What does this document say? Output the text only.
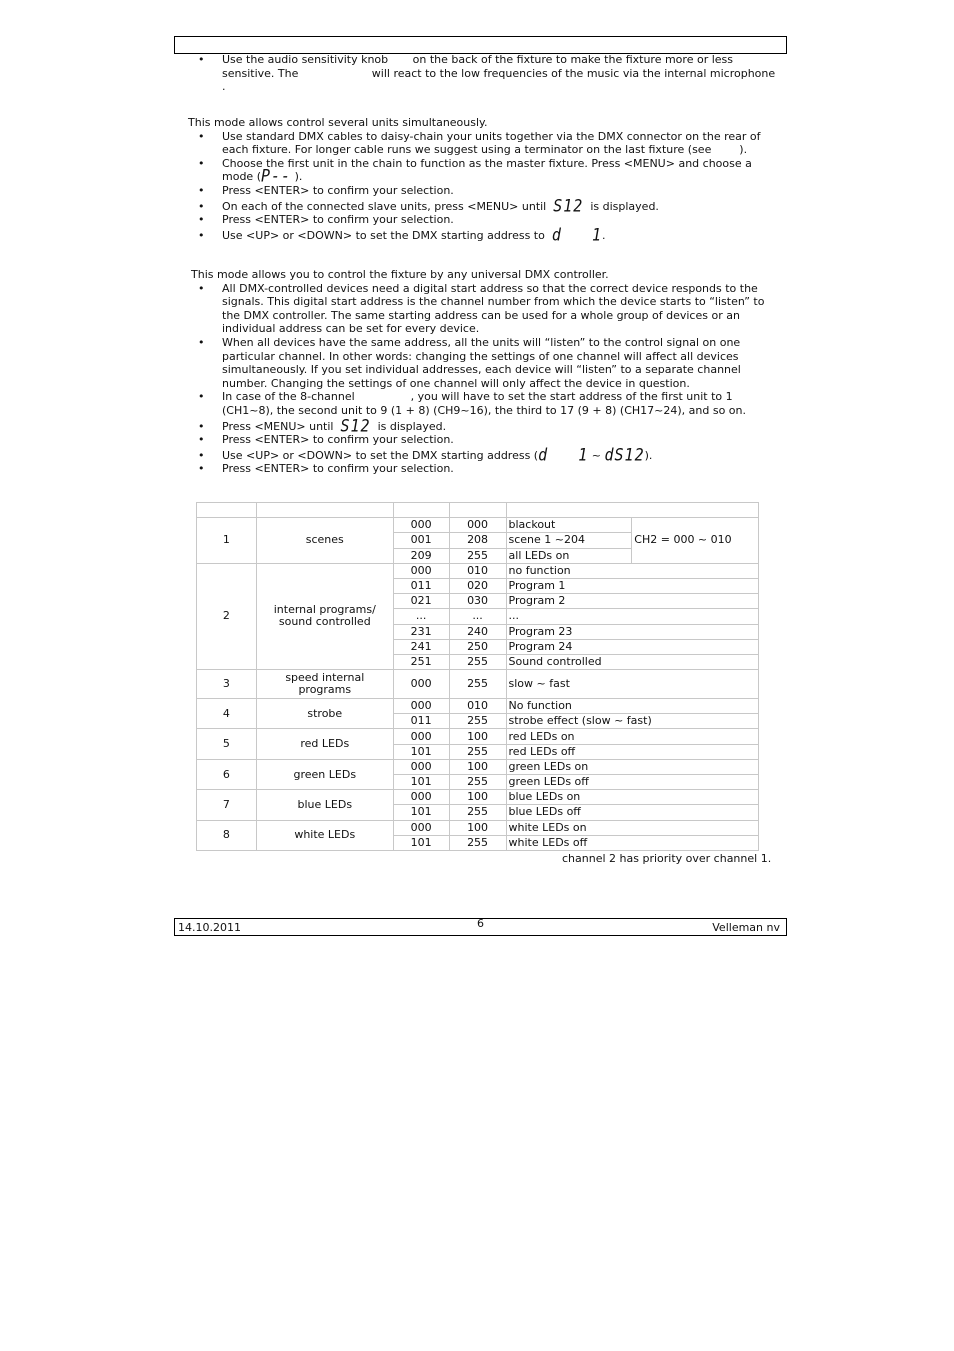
• Use the audio sensitivity knob       on the back of the fixture to make the fixture more or less sensitive. The                     will react to the low frequencies of the music via the internal microphone      .

This mode allows control several units simultaneously.

• Use standard DMX cables to daisy-chain your units together via the DMX connector on the rear of each fixture. For longer cable runs we suggest using a terminator on the last fixture (see        ).
• Choose the first unit in the chain to function as the master fixture. Press <MENU> and choose a mode (P-- ).
• Press <ENTER> to confirm your selection.
• On each of the connected slave units, press <MENU> until S12 is displayed.
• Press <ENTER> to confirm your selection.
• Use <UP> or <DOWN> to set the DMX starting address to d   1.

This mode allows you to control the fixture by any universal DMX controller.

• All DMX-controlled devices need a digital start address so that the correct device responds to the signals. This digital start address is the channel number from which the device starts to “listen” to the DMX controller. The same starting address can be used for a whole group of devices or an individual address can be set for every device.
• When all devices have the same address, all the units will “listen” to the control signal on one particular channel. In other words: changing the settings of one channel will affect all devices simultaneously. If you set individual addresses, each device will “listen” to a separate channel number. Changing the settings of one channel will only affect the device in question.
• In case of the 8-channel                , you will have to set the start address of the first unit to 1 (CH1~8), the second unit to 9 (1 + 8) (CH9~16), the third to 17 (9 + 8) (CH17~24), and so on.
• Press <MENU> until S12 is displayed.
• Press <ENTER> to confirm your selection.
• Use <UP> or <DOWN> to set the DMX starting address (d   1 ~ dS12).
• Press <ENTER> to confirm your selection.

1	scenes	000	000	blackout	CH2 = 000 ~ 010
		001	208	scene 1 ~204	
		209	255	all LEDs on	
2	internal programs/ sound controlled	000	010	no function	
		011	020	Program 1	
		021	030	Program 2	
		...	...	...	
		231	240	Program 23	
		241	250	Program 24	
		251	255	Sound controlled	
3	speed internal programs	000	255	slow ~ fast	
4	strobe	000	010	No function	
		011	255	strobe effect (slow ~ fast)	
5	red LEDs	000	100	red LEDs on	
		101	255	red LEDs off	
6	green LEDs	000	100	green LEDs on	
		101	255	green LEDs off	
7	blue LEDs	000	100	blue LEDs on	
		101	255	blue LEDs off	
8	white LEDs	000	100	white LEDs on	
		101	255	white LEDs off	
channel 2 has priority over channel 1.
14.10.2011	6	Velleman nv
